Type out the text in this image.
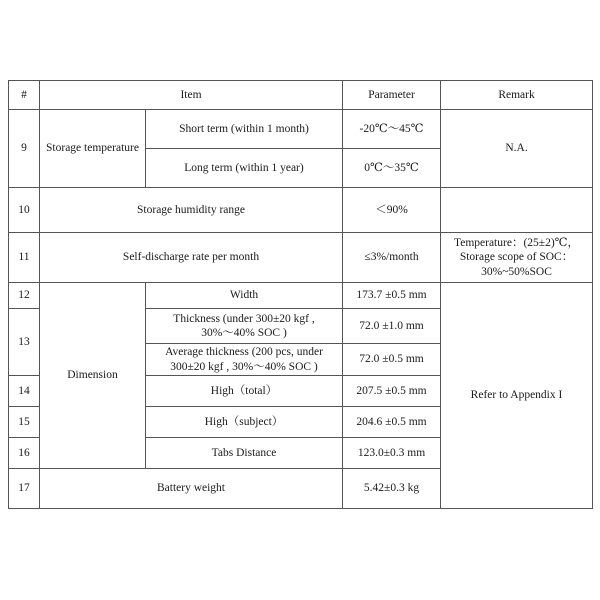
#	Item		Parameter	Remark
9	Storage temperature	Short term (within 1 month)	-20℃～45℃	N.A.
		Long term (within 1 year)	0℃～35℃	
10	Storage humidity range		＜90%	
11	Self-discharge rate per month		≤3%/month	Temperature：(25±2)℃，
Storage scope of SOC：
30%~50%SOC

12	Dimension	Width	173.7 ±0.5 mm	Refer to Appendix I
13		Thickness (under 300±20 kgf ,
30%～40% SOC )	72.0 ±1.0 mm	

		Average thickness (200 pcs, under
300±20 kgf , 30%～40% SOC )	72.0 ±0.5 mm	
14		High（total）	207.5 ±0.5 mm	
15		High（subject）	204.6 ±0.5 mm	
16		Tabs Distance	123.0±0.3 mm	
17	Battery weight		5.42±0.3 kg	
